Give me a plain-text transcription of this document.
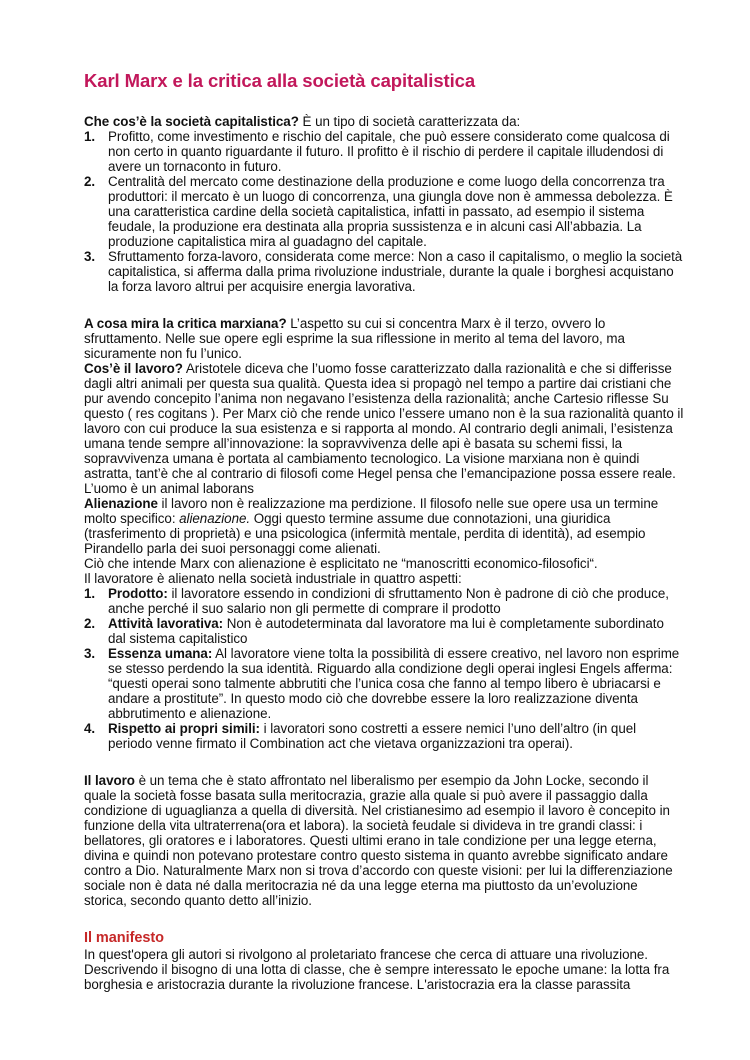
Karl Marx e la critica alla società capitalistica

Che cos’è la società capitalistica? È un tipo di società caratterizzata da:

1. Profitto, come investimento e rischio del capitale, che può essere considerato come qualcosa di non certo in quanto riguardante il futuro. Il profitto è il rischio di perdere il capitale illudendosi di avere un tornaconto in futuro.
2. Centralità del mercato come destinazione della produzione e come luogo della concorrenza tra produttori: il mercato è un luogo di concorrenza, una giungla dove non è ammessa debolezza. È una caratteristica cardine della società capitalistica, infatti in passato, ad esempio il sistema feudale, la produzione era destinata alla propria sussistenza e in alcuni casi All’abbazia. La produzione capitalistica mira al guadagno del capitale.
3. Sfruttamento forza-lavoro, considerata come merce: Non a caso il capitalismo, o meglio la società capitalistica, si afferma dalla prima rivoluzione industriale, durante la quale i borghesi acquistano la forza lavoro altrui per acquisire energia lavorativa.

A cosa mira la critica marxiana? L’aspetto su cui si concentra Marx è il terzo, ovvero lo sfruttamento. Nelle sue opere egli esprime la sua riflessione in merito al tema del lavoro, ma sicuramente non fu l’unico.

Cos’è il lavoro? Aristotele diceva che l’uomo fosse caratterizzato dalla razionalità e che si differisse dagli altri animali per questa sua qualità. Questa idea si propagò nel tempo a partire dai cristiani che pur avendo concepito l’anima non negavano l’esistenza della razionalità; anche Cartesio riflesse Su questo ( res cogitans ). Per Marx ciò che rende unico l’essere umano non è la sua razionalità quanto il lavoro con cui produce la sua esistenza e si rapporta al mondo. Al contrario degli animali, l’esistenza umana tende sempre all’innovazione: la sopravvivenza delle api è basata su schemi fissi, la sopravvivenza umana è portata al cambiamento tecnologico. La visione marxiana non è quindi astratta, tant’è che al contrario di filosofi come Hegel pensa che l’emancipazione possa essere reale. L’uomo è un animal laborans

Alienazione il lavoro non è realizzazione ma perdizione. Il filosofo nelle sue opere usa un termine molto specifico: alienazione. Oggi questo termine assume due connotazioni, una giuridica (trasferimento di proprietà) e una psicologica (infermità mentale, perdita di identità), ad esempio Pirandello parla dei suoi personaggi come alienati.

Ciò che intende Marx con alienazione è esplicitato ne “manoscritti economico-filosofici“.

Il lavoratore è alienato nella società industriale in quattro aspetti:

1. Prodotto: il lavoratore essendo in condizioni di sfruttamento Non è padrone di ciò che produce, anche perché il suo salario non gli permette di comprare il prodotto
2. Attività lavorativa: Non è autodeterminata dal lavoratore ma lui è completamente subordinato dal sistema capitalistico
3. Essenza umana: Al lavoratore viene tolta la possibilità di essere creativo, nel lavoro non esprime se stesso perdendo la sua identità. Riguardo alla condizione degli operai inglesi Engels afferma: “questi operai sono talmente abbrutiti che l’unica cosa che fanno al tempo libero è ubriacarsi e andare a prostitute”. In questo modo ciò che dovrebbe essere la loro realizzazione diventa abbrutimento e alienazione.
4. Rispetto ai propri simili: i lavoratori sono costretti a essere nemici l’uno dell’altro (in quel periodo venne firmato il Combination act che vietava organizzazioni tra operai).

Il lavoro è un tema che è stato affrontato nel liberalismo per esempio da John Locke, secondo il quale la società fosse basata sulla meritocrazia, grazie alla quale si può avere il passaggio dalla condizione di uguaglianza a quella di diversità. Nel cristianesimo ad esempio il lavoro è concepito in funzione della vita ultraterrena(ora et labora). la società feudale si divideva in tre grandi classi: i bellatores, gli oratores e i laboratores. Questi ultimi erano in tale condizione per una legge eterna, divina e quindi non potevano protestare contro questo sistema in quanto avrebbe significato andare contro a Dio. Naturalmente Marx non si trova d’accordo con queste visioni: per lui la differenziazione sociale non è data né dalla meritocrazia né da una legge eterna ma piuttosto da un’evoluzione storica, secondo quanto detto all’inizio.

Il manifesto

In quest'opera gli autori si rivolgono al proletariato francese che cerca di attuare una rivoluzione. Descrivendo il bisogno di una lotta di classe, che è sempre interessato le epoche umane: la lotta fra borghesia e aristocrazia durante la rivoluzione francese. L'aristocrazia era la classe parassita
